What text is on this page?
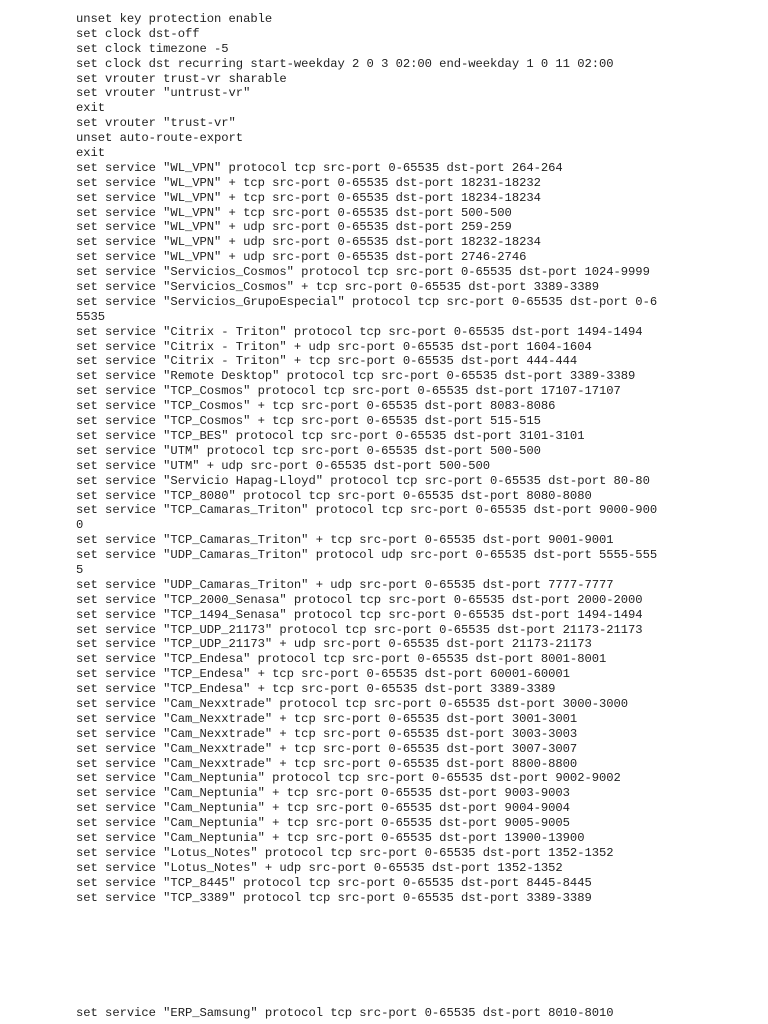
unset key protection enable
set clock dst-off
set clock timezone -5
set clock dst recurring start-weekday 2 0 3 02:00 end-weekday 1 0 11 02:00
set vrouter trust-vr sharable
set vrouter "untrust-vr"
exit
set vrouter "trust-vr"
unset auto-route-export
exit
set service "WL_VPN" protocol tcp src-port 0-65535 dst-port 264-264
set service "WL_VPN" + tcp src-port 0-65535 dst-port 18231-18232
set service "WL_VPN" + tcp src-port 0-65535 dst-port 18234-18234
set service "WL_VPN" + tcp src-port 0-65535 dst-port 500-500
set service "WL_VPN" + udp src-port 0-65535 dst-port 259-259
set service "WL_VPN" + udp src-port 0-65535 dst-port 18232-18234
set service "WL_VPN" + udp src-port 0-65535 dst-port 2746-2746
set service "Servicios_Cosmos" protocol tcp src-port 0-65535 dst-port 1024-9999
set service "Servicios_Cosmos" + tcp src-port 0-65535 dst-port 3389-3389
set service "Servicios_GrupoEspecial" protocol tcp src-port 0-65535 dst-port 0-6
5535
set service "Citrix - Triton" protocol tcp src-port 0-65535 dst-port 1494-1494
set service "Citrix - Triton" + udp src-port 0-65535 dst-port 1604-1604
set service "Citrix - Triton" + tcp src-port 0-65535 dst-port 444-444
set service "Remote Desktop" protocol tcp src-port 0-65535 dst-port 3389-3389
set service "TCP_Cosmos" protocol tcp src-port 0-65535 dst-port 17107-17107
set service "TCP_Cosmos" + tcp src-port 0-65535 dst-port 8083-8086
set service "TCP_Cosmos" + tcp src-port 0-65535 dst-port 515-515
set service "TCP_BES" protocol tcp src-port 0-65535 dst-port 3101-3101
set service "UTM" protocol tcp src-port 0-65535 dst-port 500-500
set service "UTM" + udp src-port 0-65535 dst-port 500-500
set service "Servicio Hapag-Lloyd" protocol tcp src-port 0-65535 dst-port 80-80
set service "TCP_8080" protocol tcp src-port 0-65535 dst-port 8080-8080
set service "TCP_Camaras_Triton" protocol tcp src-port 0-65535 dst-port 9000-900
0
set service "TCP_Camaras_Triton" + tcp src-port 0-65535 dst-port 9001-9001
set service "UDP_Camaras_Triton" protocol udp src-port 0-65535 dst-port 5555-555
5
set service "UDP_Camaras_Triton" + udp src-port 0-65535 dst-port 7777-7777
set service "TCP_2000_Senasa" protocol tcp src-port 0-65535 dst-port 2000-2000
set service "TCP_1494_Senasa" protocol tcp src-port 0-65535 dst-port 1494-1494
set service "TCP_UDP_21173" protocol tcp src-port 0-65535 dst-port 21173-21173
set service "TCP_UDP_21173" + udp src-port 0-65535 dst-port 21173-21173
set service "TCP_Endesa" protocol tcp src-port 0-65535 dst-port 8001-8001
set service "TCP_Endesa" + tcp src-port 0-65535 dst-port 60001-60001
set service "TCP_Endesa" + tcp src-port 0-65535 dst-port 3389-3389
set service "Cam_Nexxtrade" protocol tcp src-port 0-65535 dst-port 3000-3000
set service "Cam_Nexxtrade" + tcp src-port 0-65535 dst-port 3001-3001
set service "Cam_Nexxtrade" + tcp src-port 0-65535 dst-port 3003-3003
set service "Cam_Nexxtrade" + tcp src-port 0-65535 dst-port 3007-3007
set service "Cam_Nexxtrade" + tcp src-port 0-65535 dst-port 8800-8800
set service "Cam_Neptunia" protocol tcp src-port 0-65535 dst-port 9002-9002
set service "Cam_Neptunia" + tcp src-port 0-65535 dst-port 9003-9003
set service "Cam_Neptunia" + tcp src-port 0-65535 dst-port 9004-9004
set service "Cam_Neptunia" + tcp src-port 0-65535 dst-port 9005-9005
set service "Cam_Neptunia" + tcp src-port 0-65535 dst-port 13900-13900
set service "Lotus_Notes" protocol tcp src-port 0-65535 dst-port 1352-1352
set service "Lotus_Notes" + udp src-port 0-65535 dst-port 1352-1352
set service "TCP_8445" protocol tcp src-port 0-65535 dst-port 8445-8445
set service "TCP_3389" protocol tcp src-port 0-65535 dst-port 3389-3389
set service "ERP_Samsung" protocol tcp src-port 0-65535 dst-port 8010-8010
